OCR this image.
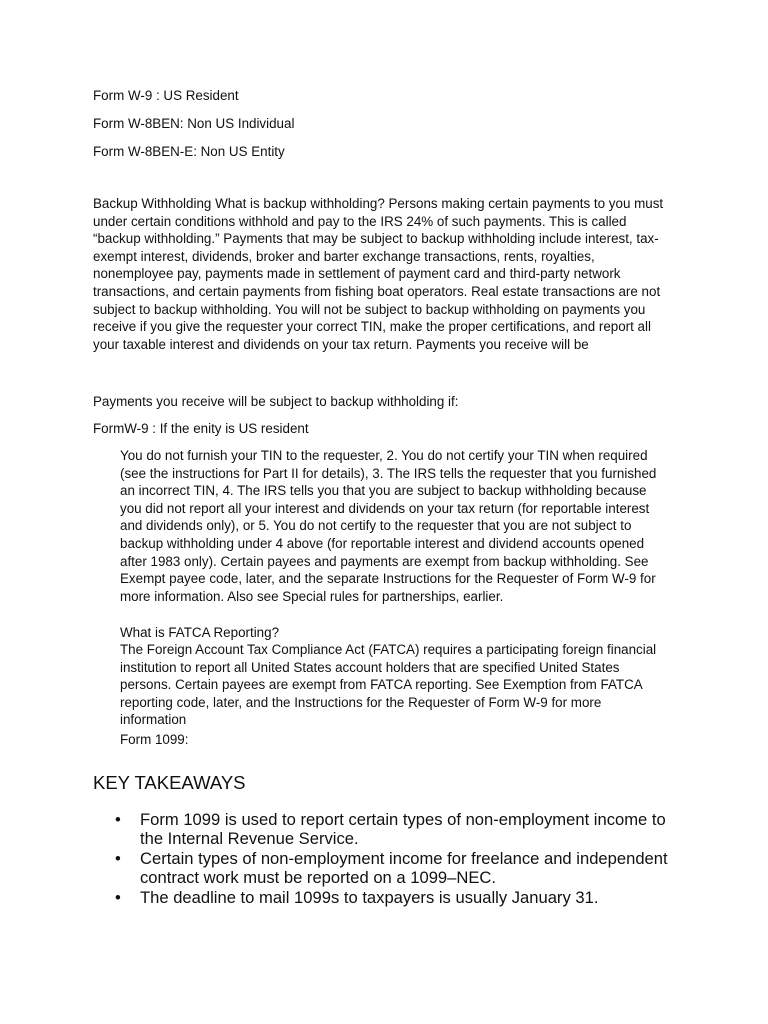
Form W-9 : US Resident

Form W-8BEN: Non US Individual

Form W-8BEN-E: Non US Entity

Backup Withholding What is backup withholding? Persons making certain payments to you must under certain conditions withhold and pay to the IRS 24% of such payments. This is called “backup withholding.” Payments that may be subject to backup withholding include interest, tax-exempt interest, dividends, broker and barter exchange transactions, rents, royalties, nonemployee pay, payments made in settlement of payment card and third-party network transactions, and certain payments from fishing boat operators. Real estate transactions are not subject to backup withholding. You will not be subject to backup withholding on payments you receive if you give the requester your correct TIN, make the proper certifications, and report all your taxable interest and dividends on your tax return. Payments you receive will be

Payments you receive will be subject to backup withholding if:

FormW-9 : If the enity is US resident

You do not furnish your TIN to the requester, 2. You do not certify your TIN when required (see the instructions for Part II for details), 3. The IRS tells the requester that you furnished an incorrect TIN, 4. The IRS tells you that you are subject to backup withholding because you did not report all your interest and dividends on your tax return (for reportable interest and dividends only), or 5. You do not certify to the requester that you are not subject to backup withholding under 4 above (for reportable interest and dividend accounts opened after 1983 only). Certain payees and payments are exempt from backup withholding. See Exempt payee code, later, and the separate Instructions for the Requester of Form W-9 for more information. Also see Special rules for partnerships, earlier.

What is FATCA Reporting?

The Foreign Account Tax Compliance Act (FATCA) requires a participating foreign financial institution to report all United States account holders that are specified United States persons. Certain payees are exempt from FATCA reporting. See Exemption from FATCA reporting code, later, and the Instructions for the Requester of Form W-9 for more information

Form 1099:

KEY TAKEAWAYS
• Form 1099 is used to report certain types of non-employment income to the Internal Revenue Service.
• Certain types of non-employment income for freelance and independent contract work must be reported on a 1099–NEC.
• The deadline to mail 1099s to taxpayers is usually January 31.
